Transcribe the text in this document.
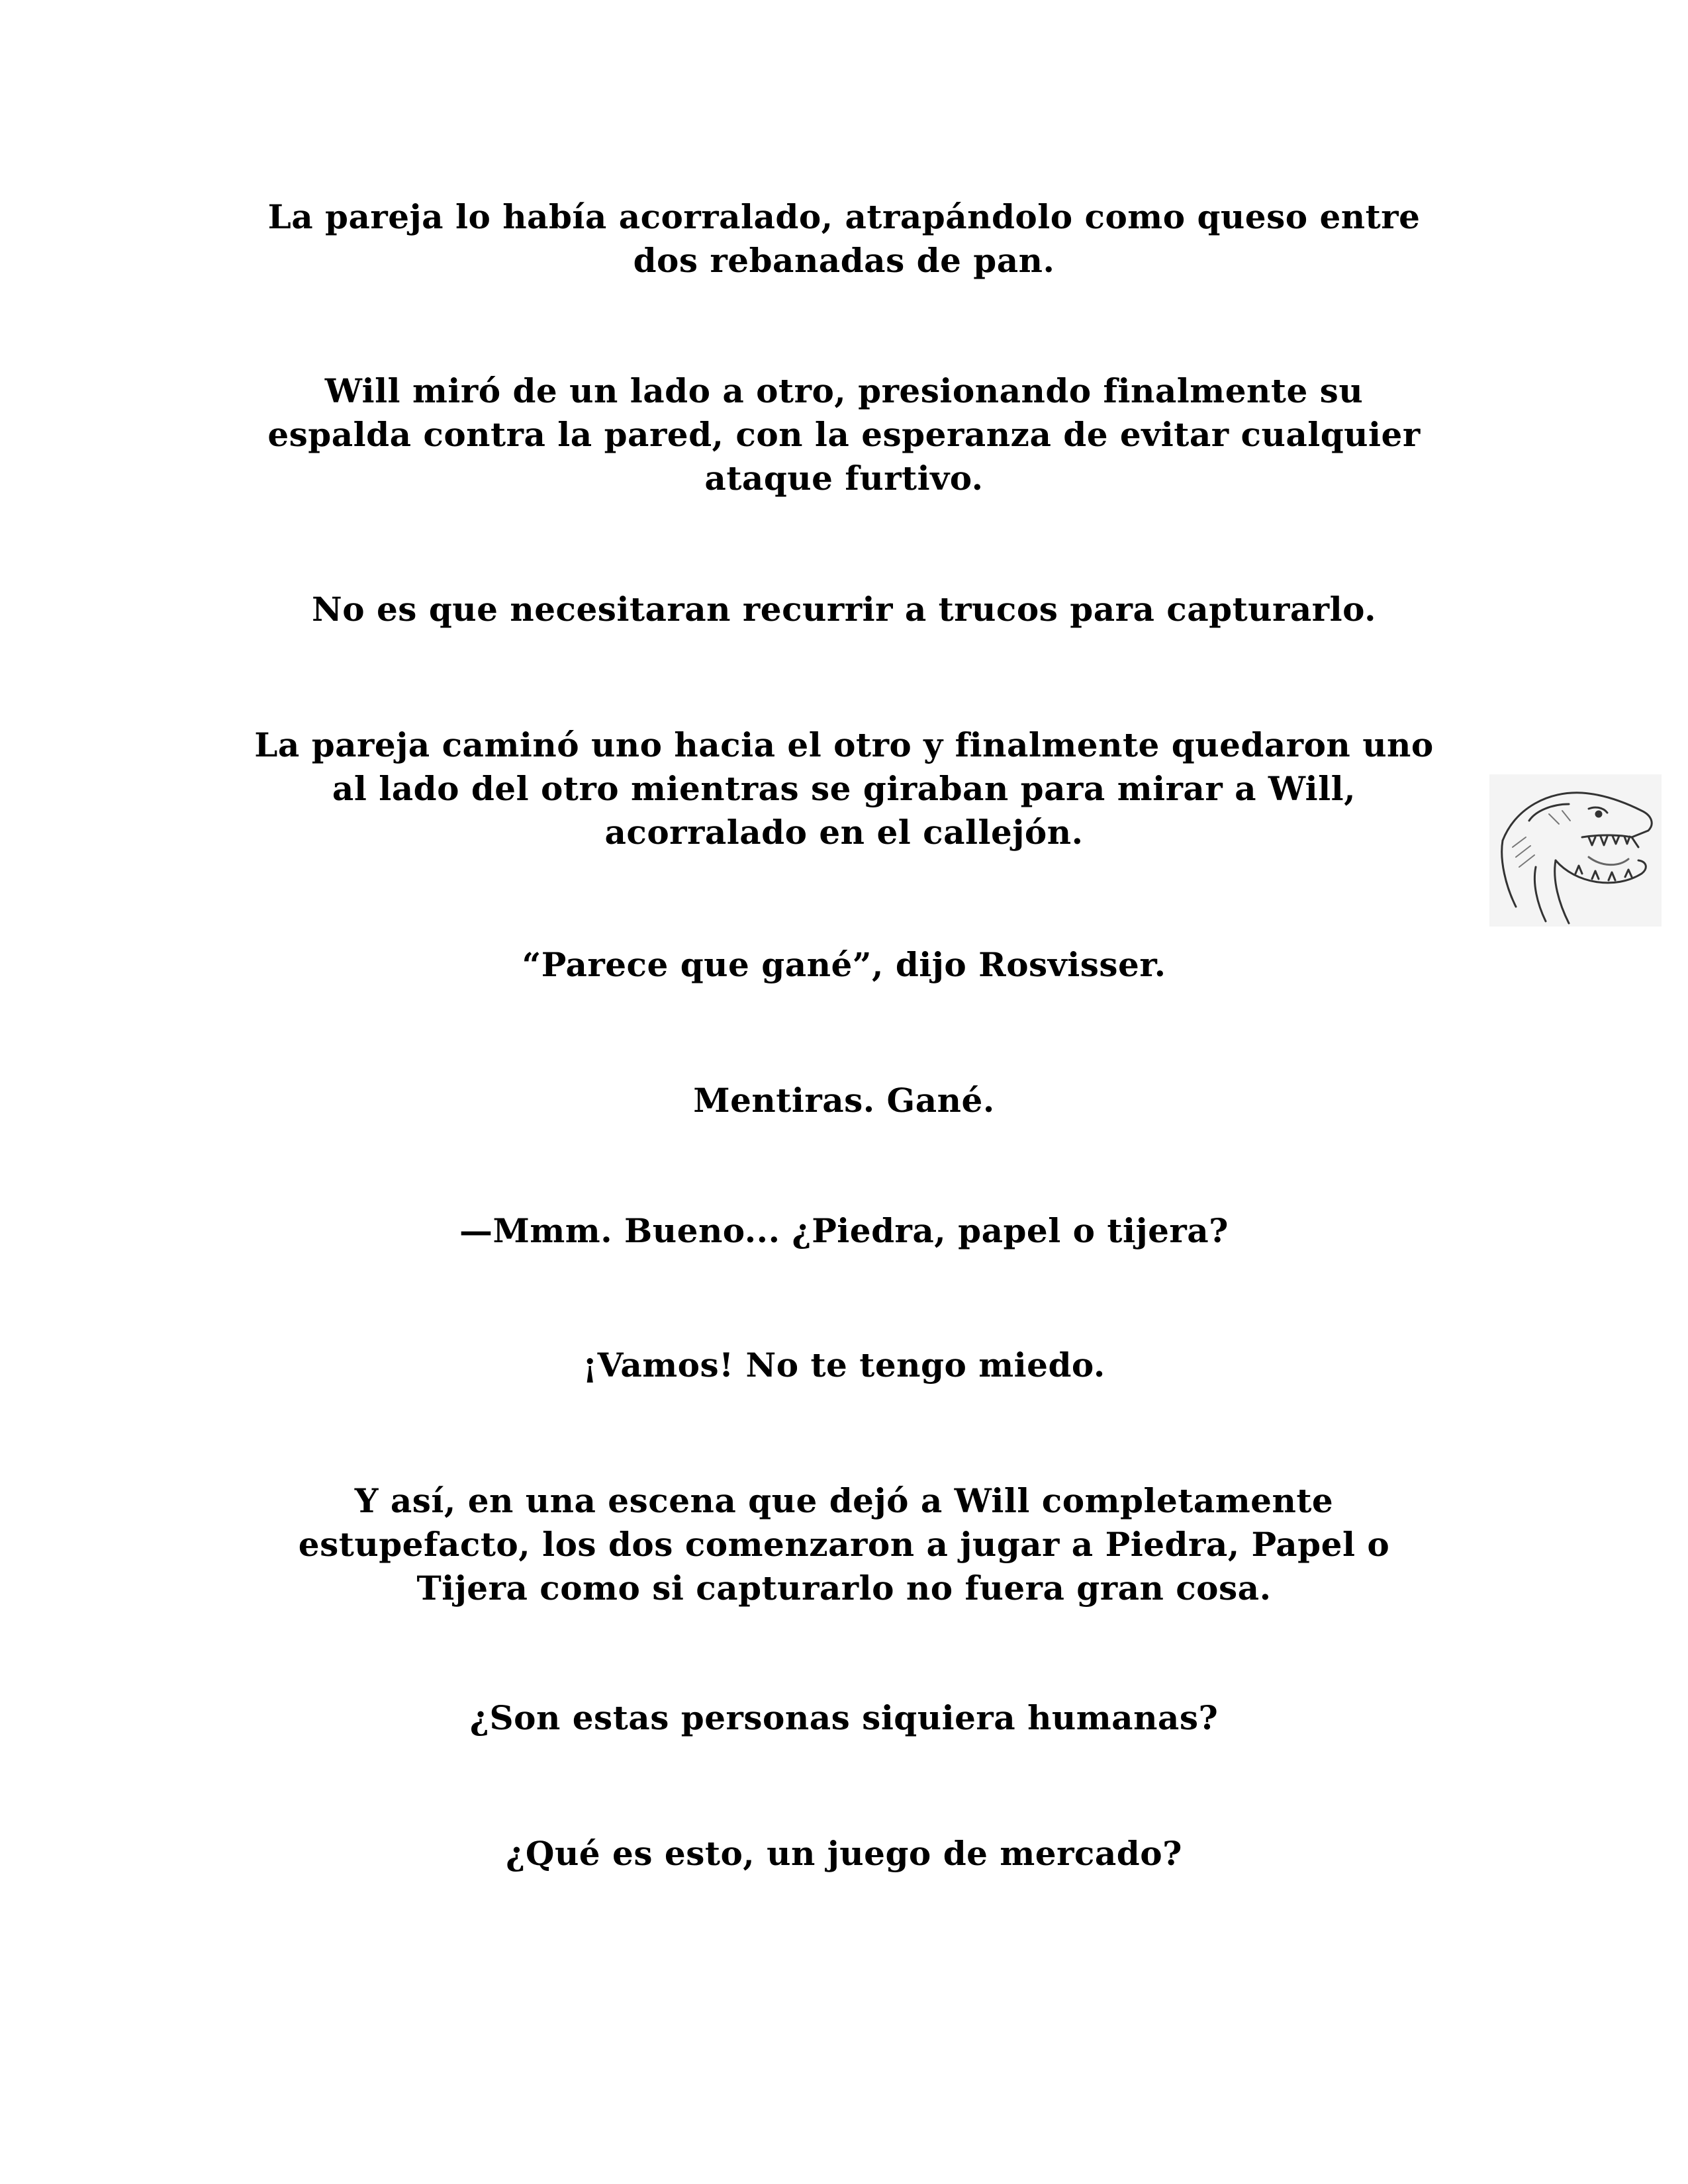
La pareja lo había acorralado, atrapándolo como queso entre
dos rebanadas de pan.

Will miró de un lado a otro, presionando finalmente su
espalda contra la pared, con la esperanza de evitar cualquier
ataque furtivo.

No es que necesitaran recurrir a trucos para capturarlo.

La pareja caminó uno hacia el otro y finalmente quedaron uno
al lado del otro mientras se giraban para mirar a Will,
acorralado en el callejón.

“Parece que gané”, dijo Rosvisser.

Mentiras. Gané.

—Mmm. Bueno... ¿Piedra, papel o tijera?

¡Vamos! No te tengo miedo.

Y así, en una escena que dejó a Will completamente
estupefacto, los dos comenzaron a jugar a Piedra, Papel o
Tijera como si capturarlo no fuera gran cosa.

¿Son estas personas siquiera humanas?

¿Qué es esto, un juego de mercado?
